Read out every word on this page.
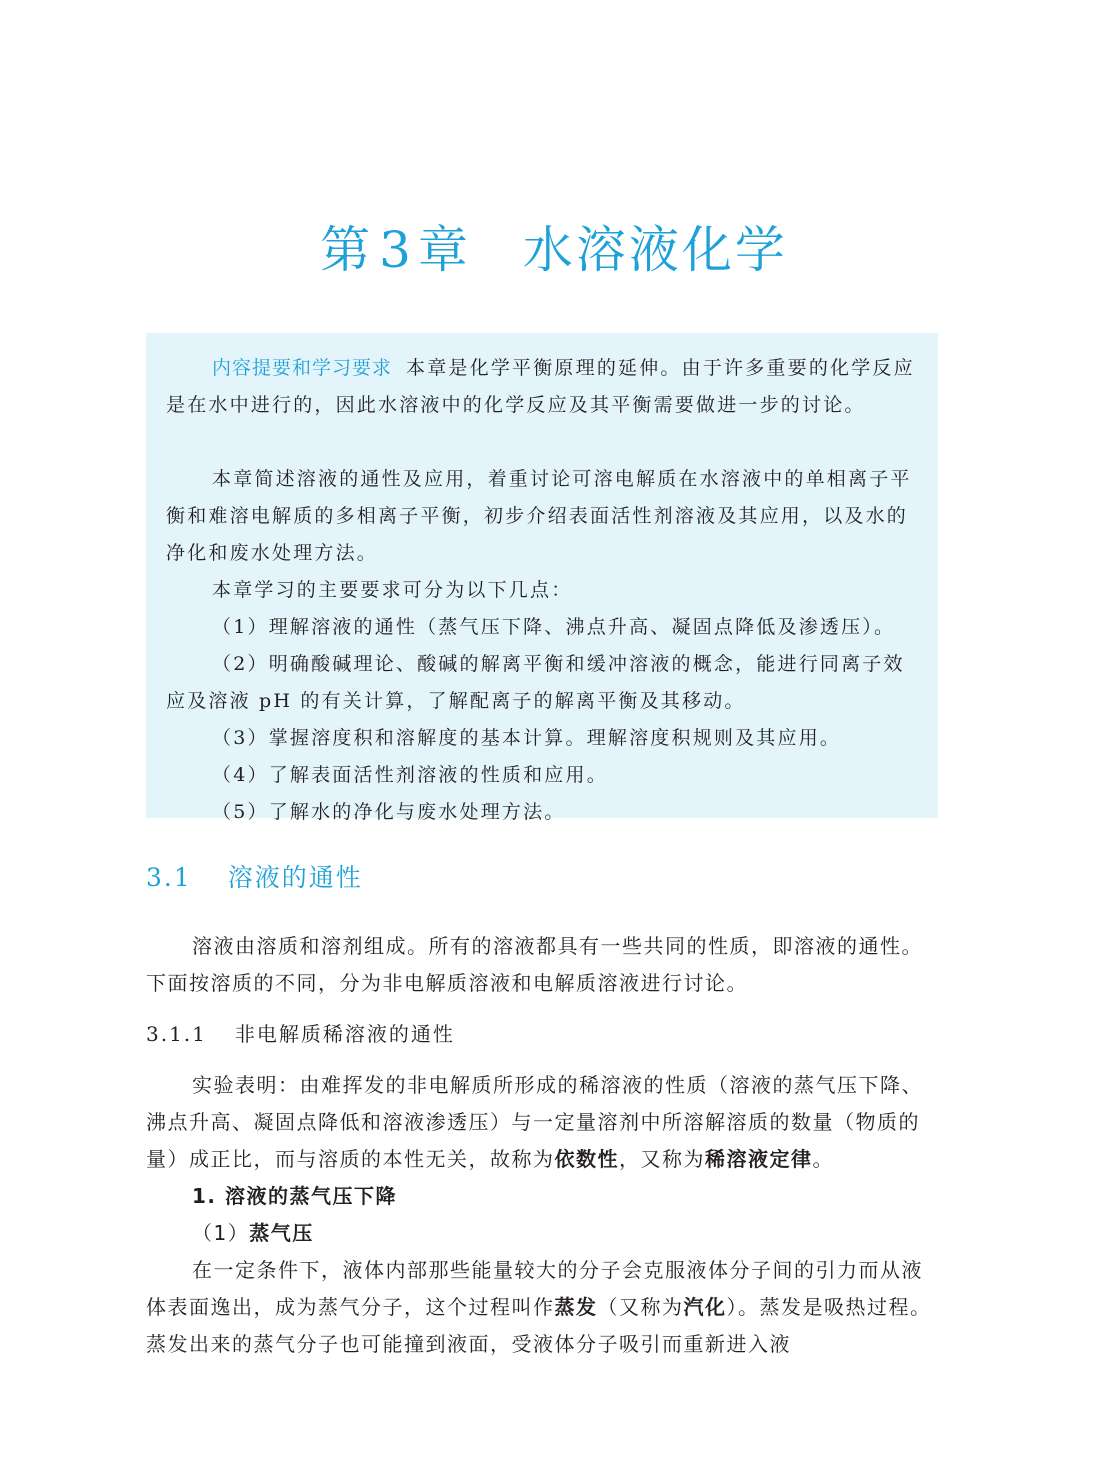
第 3章 水溶液化学

内容提要和学习要求 本章是化学平衡原理的延伸。由于许多重要的化学反应是在水中进行的，因此水溶液中的化学反应及其平衡需要做进一步的讨论。

本章简述溶液的通性及应用，着重讨论可溶电解质在水溶液中的单相离子平衡和难溶电解质的多相离子平衡，初步介绍表面活性剂溶液及其应用，以及水的净化和废水处理方法。

本章学习的主要要求可分为以下几点：

（1）理解溶液的通性（蒸气压下降、沸点升高、凝固点降低及渗透压）。

（2）明确酸碱理论、酸碱的解离平衡和缓冲溶液的概念，能进行同离子效应及溶液 pH 的有关计算，了解配离子的解离平衡及其移动。

（3）掌握溶度积和溶解度的基本计算。理解溶度积规则及其应用。

（4）了解表面活性剂溶液的性质和应用。

（5）了解水的净化与废水处理方法。

3.1 溶液的通性

溶液由溶质和溶剂组成。所有的溶液都具有一些共同的性质，即溶液的通性。下面按溶质的不同，分为非电解质溶液和电解质溶液进行讨论。

3.1.1 非电解质稀溶液的通性

实验表明：由难挥发的非电解质所形成的稀溶液的性质（溶液的蒸气压下降、沸点升高、凝固点降低和溶液渗透压）与一定量溶剂中所溶解溶质的数量（物质的量）成正比，而与溶质的本性无关，故称为依数性，又称为稀溶液定律。

1. 溶液的蒸气压下降

（1）蒸气压

在一定条件下，液体内部那些能量较大的分子会克服液体分子间的引力而从液体表面逸出，成为蒸气分子，这个过程叫作蒸发（又称为汽化）。蒸发是吸热过程。蒸发出来的蒸气分子也可能撞到液面，受液体分子吸引而重新进入液
